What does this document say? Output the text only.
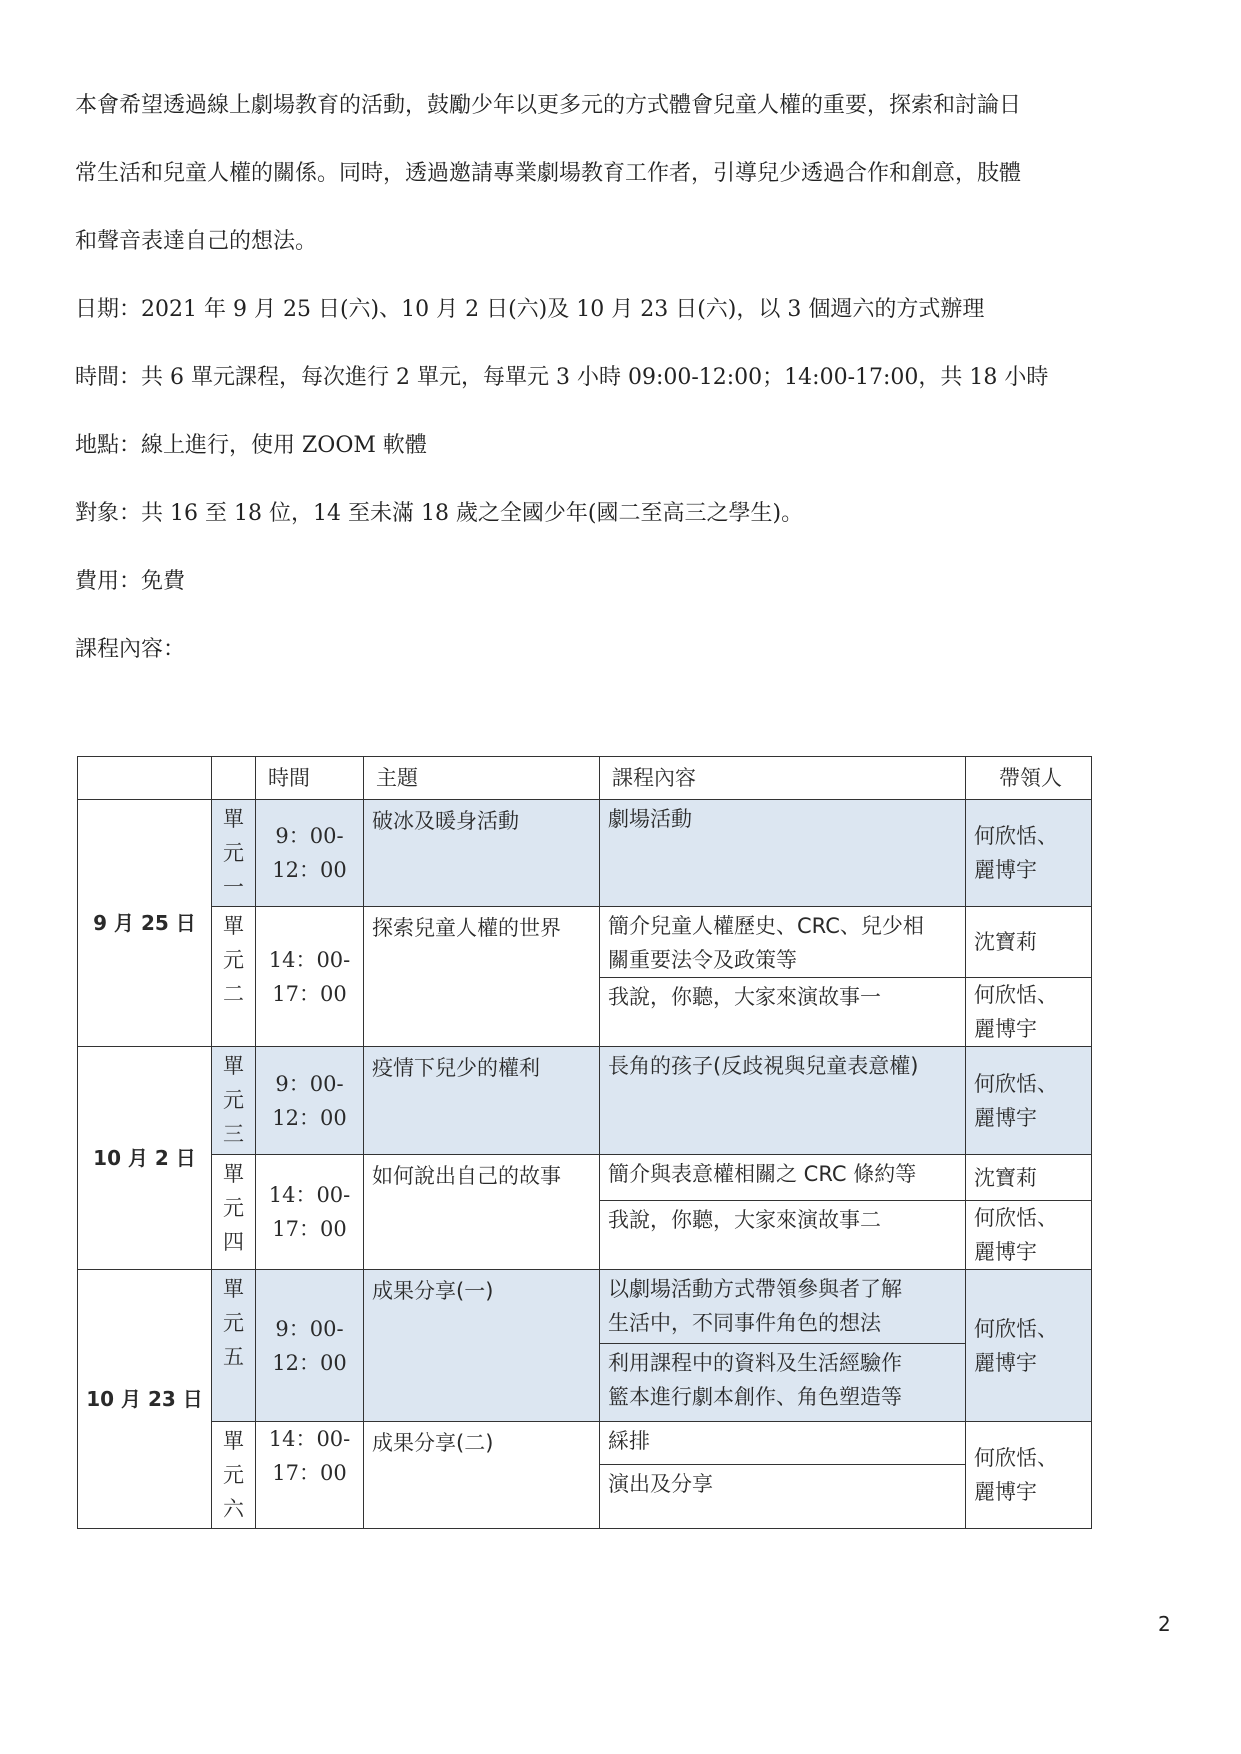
本會希望透過線上劇場教育的活動，鼓勵少年以更多元的方式體會兒童人權的重要，探索和討論日

常生活和兒童人權的關係。同時，透過邀請專業劇場教育工作者，引導兒少透過合作和創意，肢體

和聲音表達自己的想法。

日期：2021 年 9 月 25 日(六)、10 月 2 日(六)及 10 月 23 日(六)，以 3 個週六的方式辦理

時間：共 6 單元課程，每次進行 2 單元，每單元 3 小時 09:00-12:00；14:00-17:00，共 18 小時

地點：線上進行，使用 ZOOM 軟體

對象：共 16 至 18 位，14 至未滿 18 歲之全國少年(國二至高三之學生)。

費用：免費

課程內容：

		時間	主題	課程內容	帶領人
9 月 25 日	單
元
一	9：00-
12：00	破冰及暖身活動	劇場活動	何欣恬、
麗博宇

	單
元
二	14：00-
17：00	探索兒童人權的世界	簡介兒童人權歷史、CRC、兒少相
關重要法令及政策等	沈寶莉
				我說，你聽，大家來演故事一	何欣恬、
麗博宇

10 月 2 日	單
元
三	9：00-
12：00	疫情下兒少的權利	長角的孩子(反歧視與兒童表意權)	何欣恬、
麗博宇

	單
元
四	14：00-
17：00	如何說出自己的故事	簡介與表意權相關之 CRC 條約等	沈寶莉
				我說，你聽，大家來演故事二	何欣恬、
麗博宇

10 月 23 日	單
元
五	9：00-
12：00	成果分享(一)	以劇場活動方式帶領參與者了解
生活中，不同事件角色的想法	何欣恬、
麗博宇

				利用課程中的資料及生活經驗作
籃本進行劇本創作、角色塑造等	

	單
元
六	14：00-
17：00	成果分享(二)	綵排	何欣恬、
麗博宇

				演出及分享	
2
